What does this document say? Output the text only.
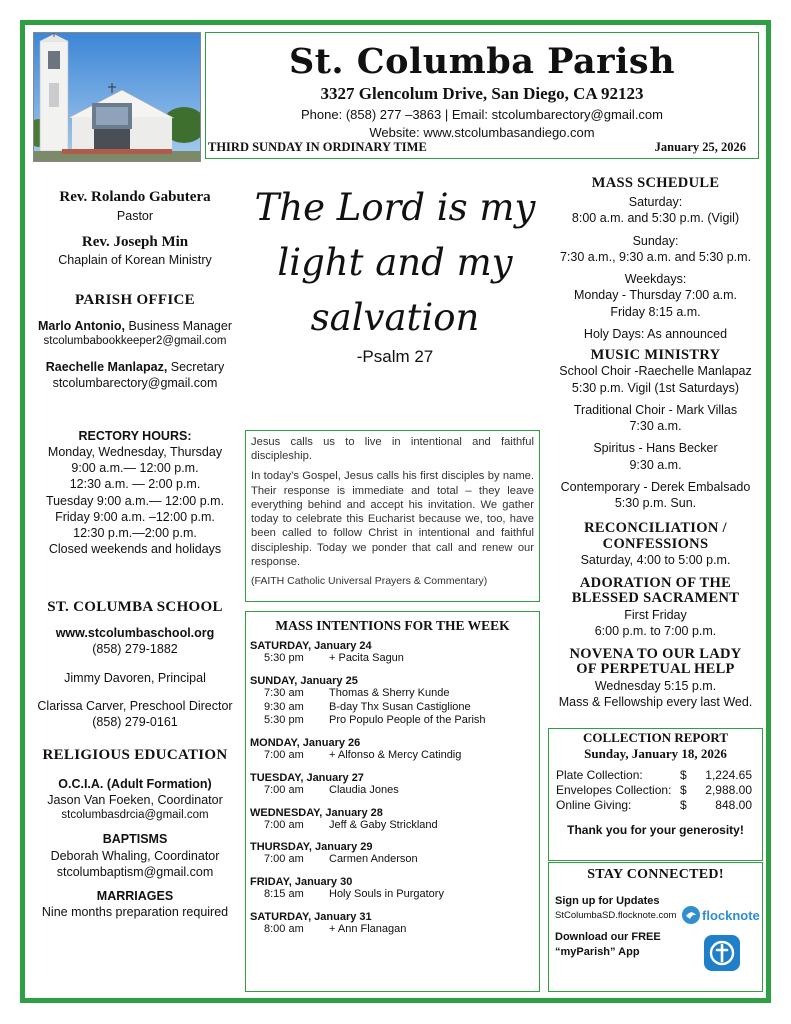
St. Columba Parish
3327 Glencolum Drive, San Diego, CA 92123
Phone: (858) 277 –3863 | Email: stcolumbarectory@gmail.com
Website: www.stcolumbasandiego.com
THIRD SUNDAY IN ORDINARY TIME	January 25, 2026
Rev. Rolando Gabutera
Pastor
Rev. Joseph Min
Chaplain of Korean Ministry
PARISH OFFICE
Marlo Antonio, Business Manager
stcolumbabookkeeper2@gmail.com
Raechelle Manlapaz, Secretary
stcolumbarectory@gmail.com
RECTORY HOURS:
Monday, Wednesday, Thursday
9:00 a.m.— 12:00 p.m.
12:30 a.m. — 2:00 p.m.
Tuesday 9:00 a.m.— 12:00 p.m.
Friday 9:00 a.m. –12:00 p.m.
12:30 p.m.—2:00 p.m.
Closed weekends and holidays
ST. COLUMBA SCHOOL
www.stcolumbaschool.org
(858) 279-1882
Jimmy Davoren, Principal
Clarissa Carver, Preschool Director
(858) 279-0161
RELIGIOUS EDUCATION
O.C.I.A. (Adult Formation)
Jason Van Foeken, Coordinator
stcolumbasdrcia@gmail.com
BAPTISMS
Deborah Whaling, Coordinator
stcolumbaptism@gmail.com
MARRIAGES
Nine months preparation required
The Lord is my
light and my
salvation
-Psalm 27

Jesus calls us to live in intentional and faithful discipleship.

In today’s Gospel, Jesus calls his first disciples by name. Their response is immediate and total – they leave everything behind and accept his invitation. We gather today to celebrate this Eucharist because we, too, have been called to follow Christ in intentional and faithful discipleship. Today we ponder that call and renew our response.

(FAITH Catholic Universal Prayers & Commentary)

MASS INTENTIONS FOR THE WEEK
SATURDAY, January 24
5:30 pm	+ Pacita Sagun
SUNDAY, January 25
7:30 am	Thomas & Sherry Kunde
9:30 am	B-day Thx Susan Castiglione
5:30 pm	Pro Populo People of the Parish
MONDAY, January 26
7:00 am	+ Alfonso & Mercy Catindig
TUESDAY, January 27
7:00 am	Claudia Jones
WEDNESDAY, January 28
7:00 am	Jeff & Gaby Strickland
THURSDAY, January 29
7:00 am	Carmen Anderson
FRIDAY, January 30
8:15 am	Holy Souls in Purgatory
SATURDAY, January 31
8:00 am	+ Ann Flanagan
MASS SCHEDULE
Saturday:
8:00 a.m. and 5:30 p.m. (Vigil)
Sunday:
7:30 a.m., 9:30 a.m. and 5:30 p.m.
Weekdays:
Monday - Thursday 7:00 a.m.
Friday 8:15 a.m.
Holy Days: As announced
MUSIC MINISTRY
School Choir -Raechelle Manlapaz
5:30 p.m. Vigil (1st Saturdays)
Traditional Choir - Mark Villas
7:30 a.m.
Spiritus - Hans Becker
9:30 a.m.
Contemporary - Derek Embalsado
5:30 p.m. Sun.
RECONCILIATION /
CONFESSIONS
Saturday, 4:00 to 5:00 p.m.
ADORATION OF THE
BLESSED SACRAMENT
First Friday
6:00 p.m. to 7:00 p.m.
NOVENA TO OUR LADY
OF PERPETUAL HELP
Wednesday 5:15 p.m.
Mass & Fellowship every last Wed.
COLLECTION REPORT
Sunday, January 18, 2026
Plate Collection:	$	1,224.65
Envelopes Collection: $	2,988.00
Online Giving:	$	848.00
Thank you for your generosity!
STAY CONNECTED!
Sign up for Updates
StColumbaSD.flocknote.com flocknote
Download our FREE
“myParish” App
